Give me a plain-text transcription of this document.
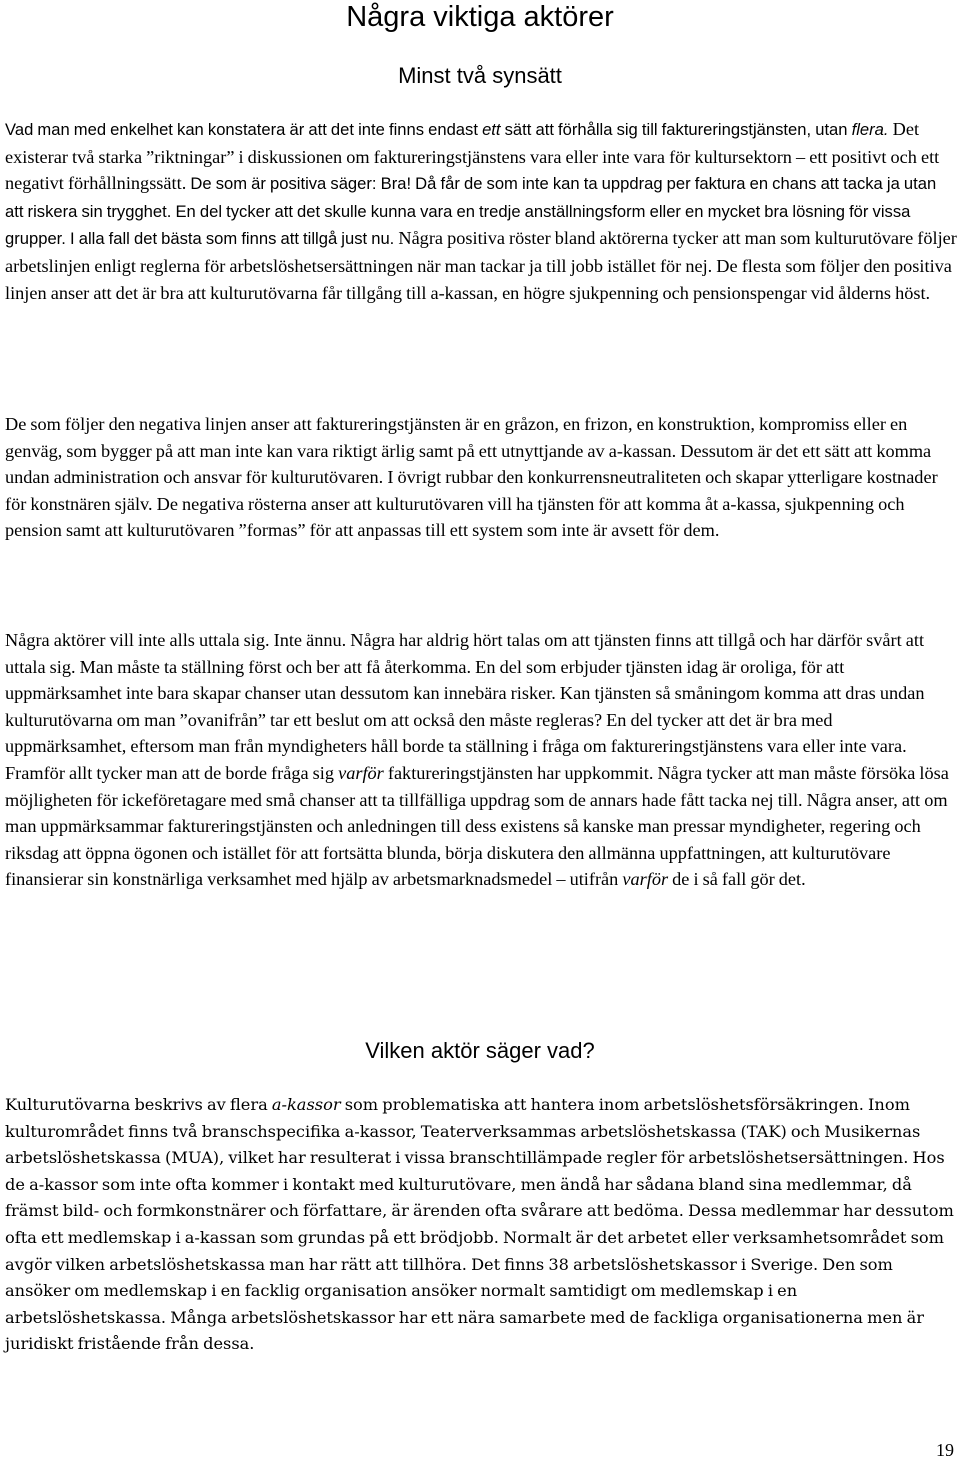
Några viktiga aktörer
Minst två synsätt

Vad man med enkelhet kan konstatera är att det inte finns endast ett sätt att förhålla sig till faktureringstjänsten, utan flera. Det existerar två starka ”riktningar” i diskussionen om faktureringstjänstens vara eller inte vara för kultursektorn – ett positivt och ett negativt förhållningssätt. De som är positiva säger: Bra! Då får de som inte kan ta uppdrag per faktura en chans att tacka ja utan att riskera sin trygghet. En del tycker att det skulle kunna vara en tredje anställningsform eller en mycket bra lösning för vissa grupper. I alla fall det bästa som finns att tillgå just nu. Några positiva röster bland aktörerna tycker att man som kulturutövare följer arbetslinjen enligt reglerna för arbetslöshetsersättningen när man tackar ja till jobb istället för nej. De flesta som följer den positiva linjen anser att det är bra att kulturutövarna får tillgång till a-kassan, en högre sjukpenning och pensionspengar vid ålderns höst.

De som följer den negativa linjen anser att faktureringstjänsten är en gråzon, en frizon, en konstruktion, kompromiss eller en genväg, som bygger på att man inte kan vara riktigt ärlig samt på ett utnyttjande av a-kassan. Dessutom är det ett sätt att komma undan administration och ansvar för kulturutövaren. I övrigt rubbar den konkurrensneutraliteten och skapar ytterligare kostnader för konstnären själv. De negativa rösterna anser att kulturutövaren vill ha tjänsten för att komma åt a-kassa, sjukpenning och pension samt att kulturutövaren ”formas” för att anpassas till ett system som inte är avsett för dem.

Några aktörer vill inte alls uttala sig. Inte ännu. Några har aldrig hört talas om att tjänsten finns att tillgå och har därför svårt att uttala sig. Man måste ta ställning först och ber att få återkomma. En del som erbjuder tjänsten idag är oroliga, för att uppmärksamhet inte bara skapar chanser utan dessutom kan innebära risker. Kan tjänsten så småningom komma att dras undan kulturutövarna om man ”ovanifrån” tar ett beslut om att också den måste regleras? En del tycker att det är bra med uppmärksamhet, eftersom man från myndigheters håll borde ta ställning i fråga om faktureringstjänstens vara eller inte vara. Framför allt tycker man att de borde fråga sig varför faktureringstjänsten har uppkommit. Några tycker att man måste försöka lösa möjligheten för ickeföretagare med små chanser att ta tillfälliga uppdrag som de annars hade fått tacka nej till. Några anser, att om man uppmärksammar faktureringstjänsten och anledningen till dess existens så kanske man pressar myndigheter, regering och riksdag att öppna ögonen och istället för att fortsätta blunda, börja diskutera den allmänna uppfattningen, att kulturutövare finansierar sin konstnärliga verksamhet med hjälp av arbetsmarknadsmedel – utifrån varför de i så fall gör det.

Vilken aktör säger vad?

Kulturutövarna beskrivs av flera a-kassor som problematiska att hantera inom arbetslöshetsförsäkringen. Inom kulturområdet finns två branschspecifika a-kassor, Teaterverksammas arbetslöshetskassa (TAK) och Musikernas arbetslöshetskassa (MUA), vilket har resulterat i vissa branschtillämpade regler för arbetslöshetsersättningen. Hos de a-kassor som inte ofta kommer i kontakt med kulturutövare, men ändå har sådana bland sina medlemmar, då främst bild- och formkonstnärer och författare, är ärenden ofta svårare att bedöma. Dessa medlemmar har dessutom ofta ett medlemskap i a-kassan som grundas på ett brödjobb. Normalt är det arbetet eller verksamhetsområdet som avgör vilken arbetslöshetskassa man har rätt att tillhöra. Det finns 38 arbetslöshetskassor i Sverige. Den som ansöker om medlemskap i en facklig organisation ansöker normalt samtidigt om medlemskap i en arbetslöshetskassa. Många arbetslöshetskassor har ett nära samarbete med de fackliga organisationerna men är juridiskt fristående från dessa.

19
